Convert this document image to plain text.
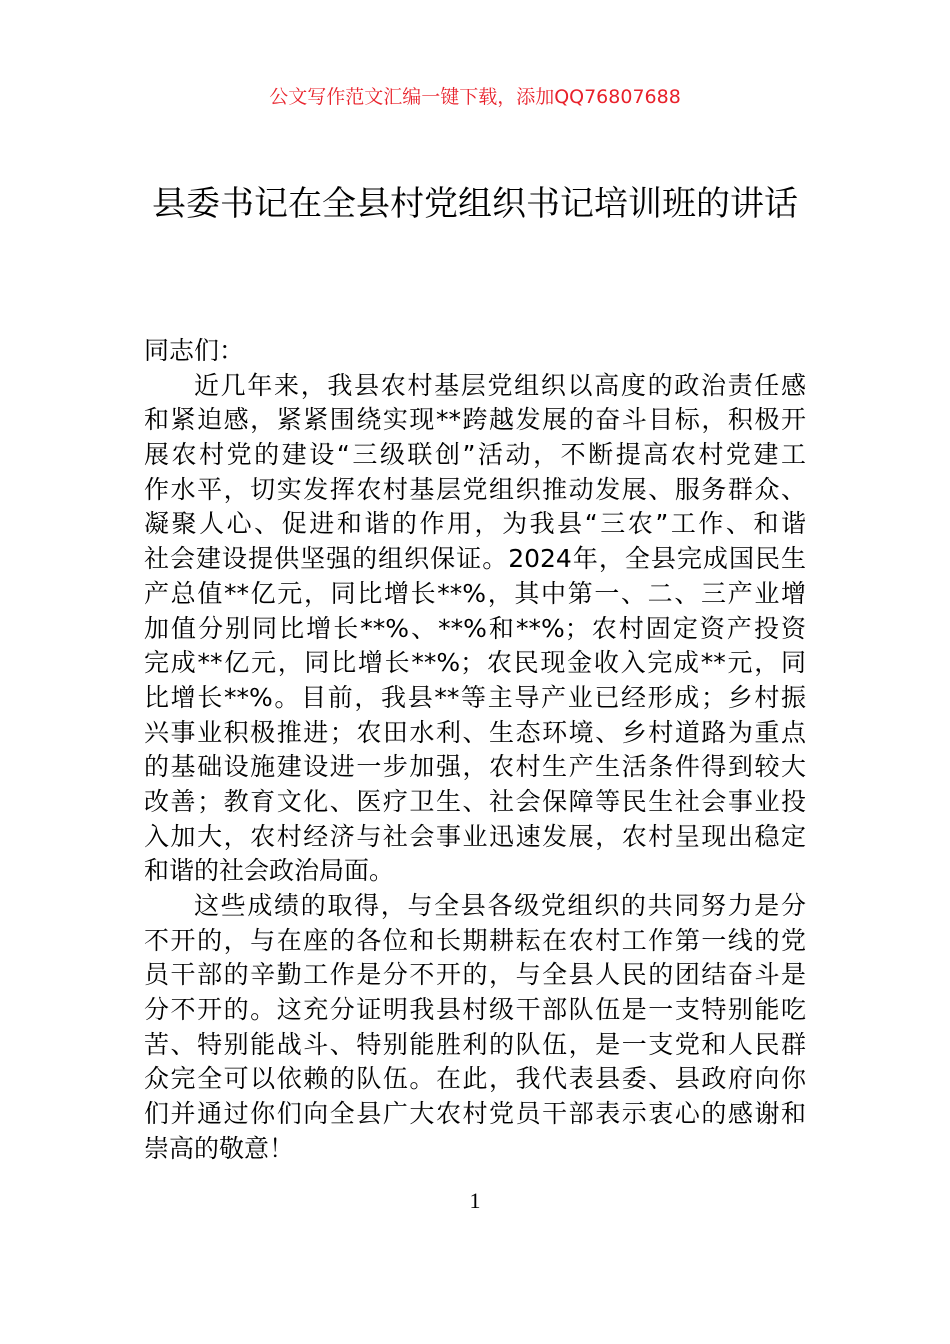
公文写作范文汇编一键下载，添加QQ76807688
县委书记在全县村党组织书记培训班的讲话
同志们：
近几年来，我县农村基层党组织以高度的政治责任感
和紧迫感，紧紧围绕实现**跨越发展的奋斗目标，积极开
展农村党的建设“三级联创”活动，不断提高农村党建工
作水平，切实发挥农村基层党组织推动发展、服务群众、
凝聚人心、促进和谐的作用，为我县“三农”工作、和谐
社会建设提供坚强的组织保证。2024年，全县完成国民生
产总值**亿元，同比增长**%，其中第一、二、三产业增
加值分别同比增长**%、**%和**%；农村固定资产投资
完成**亿元，同比增长**%；农民现金收入完成**元，同
比增长**%。目前，我县**等主导产业已经形成；乡村振
兴事业积极推进；农田水利、生态环境、乡村道路为重点
的基础设施建设进一步加强，农村生产生活条件得到较大
改善；教育文化、医疗卫生、社会保障等民生社会事业投
入加大，农村经济与社会事业迅速发展，农村呈现出稳定
和谐的社会政治局面。
这些成绩的取得，与全县各级党组织的共同努力是分
不开的，与在座的各位和长期耕耘在农村工作第一线的党
员干部的辛勤工作是分不开的，与全县人民的团结奋斗是
分不开的。这充分证明我县村级干部队伍是一支特别能吃
苦、特别能战斗、特别能胜利的队伍，是一支党和人民群
众完全可以依赖的队伍。在此，我代表县委、县政府向你
们并通过你们向全县广大农村党员干部表示衷心的感谢和
崇高的敬意！
1
